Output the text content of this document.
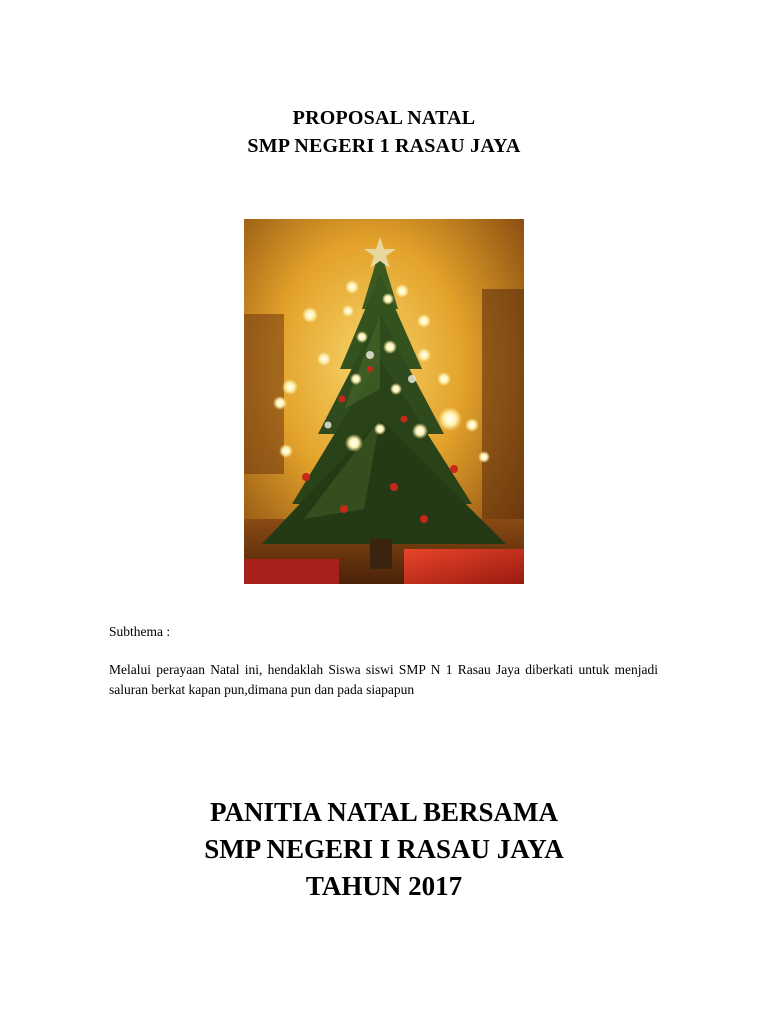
PROPOSAL NATAL
SMP NEGERI 1 RASAU JAYA
Subthema :
Melalui perayaan Natal ini, hendaklah Siswa siswi SMP N 1 Rasau Jaya diberkati untuk menjadi saluran berkat kapan pun,dimana pun dan pada siapapun
PANITIA NATAL BERSAMA
SMP NEGERI I RASAU JAYA
TAHUN 2017
